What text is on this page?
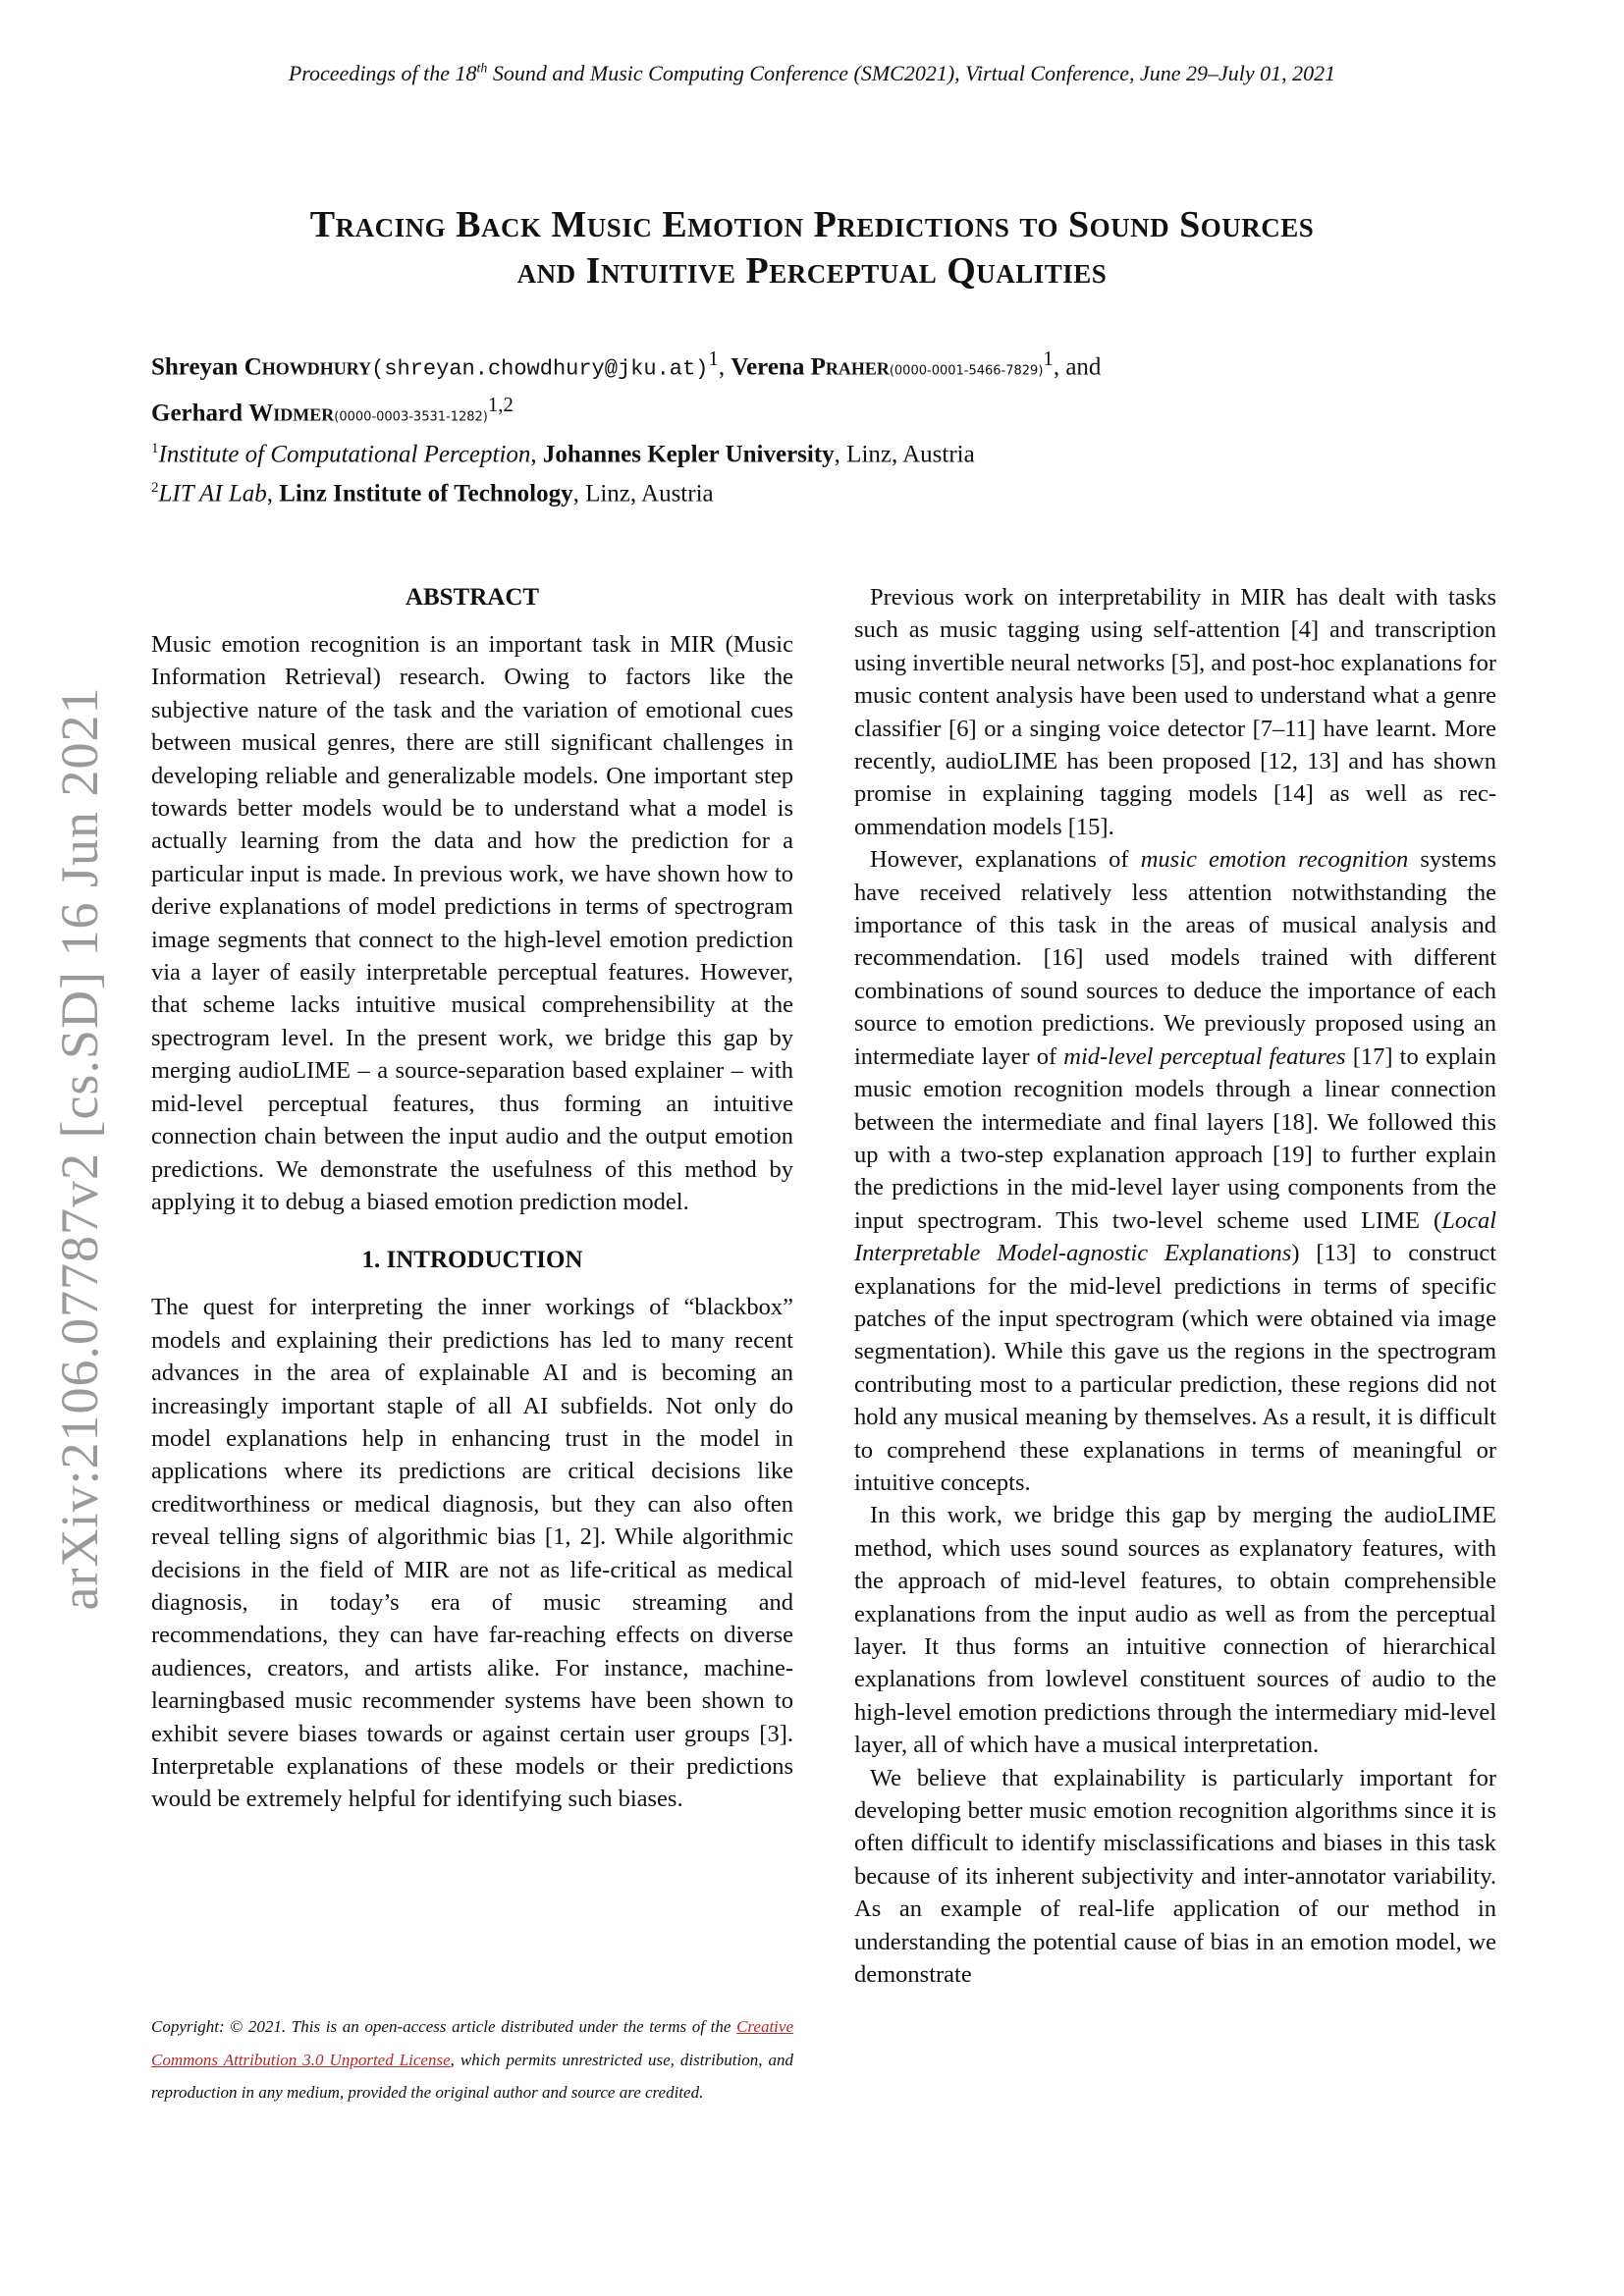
Proceedings of the 18th Sound and Music Computing Conference (SMC2021), Virtual Conference, June 29–July 01, 2021
Tracing Back Music Emotion Predictions to Sound Sources
and Intuitive Perceptual Qualities
Shreyan Chowdhury(shreyan.chowdhury@jku.at)$^1$, Verena $Praher(0000-0001-5466-7829)^1$, and
Gerhard $Widmer(0000-0003-3531-1282)^{1,2}$
$^1$Institute of Computational Perception, Johannes Kepler University, Linz, Austria
$^2$LIT AI Lab, Linz Institute of Technology, Linz, Austria
ABSTRACT

Music emotion recognition is an important task in MIR (Music Information Retrieval) research. Owing to factors like the subjective nature of the task and the variation of emotional cues between musical genres, there are still significant challenges in developing reliable and generalizable models. One important step towards better models would be to understand what a model is actually learning from the data and how the prediction for a particular input is made. In previous work, we have shown how to derive explanations of model predictions in terms of spectrogram image segments that connect to the high-level emotion prediction via a layer of easily interpretable perceptual features. However, that scheme lacks intuitive musical comprehensibility at the spectrogram level. In the present work, we bridge this gap by merging audioLIME – a source-separation based explainer – with mid-level perceptual features, thus forming an intuitive connection chain between the input audio and the output emotion predictions. We demonstrate the usefulness of this method by applying it to debug a biased emotion prediction model.

1. INTRODUCTION

The quest for interpreting the inner workings of “blackbox” models and explaining their predictions has led to many recent advances in the area of explainable AI and is becoming an increasingly important staple of all AI subfields. Not only do model explanations help in enhancing trust in the model in applications where its predictions are critical decisions like creditworthiness or medical diagnosis, but they can also often reveal telling signs of algorithmic bias [1, 2]. While algorithmic decisions in the field of MIR are not as life-critical as medical diagnosis, in today’s era of music streaming and recommendations, they can have far-reaching effects on diverse audiences, creators, and artists alike. For instance, machine-learningbased music recommender systems have been shown to exhibit severe biases towards or against certain user groups [3]. Interpretable explanations of these models or their predictions would be extremely helpful for identifying such biases.

Copyright: © 2021. This is an open-access article distributed under the terms of the Creative Commons Attribution 3.0 Unported License, which permits unrestricted use, distribution, and reproduction in any medium, provided the original author and source are credited.

Previous work on interpretability in MIR has dealt with tasks such as music tagging using self-attention [4] and transcription using invertible neural networks [5], and post-hoc explanations for music content analysis have been used to understand what a genre classifier [6] or a singing voice detector [7–11] have learnt. More recently, audioLIME has been proposed [12, 13] and has shown promise in explaining tagging models [14] as well as recommendation models [15].

However, explanations of music emotion recognition systems have received relatively less attention notwithstanding the importance of this task in the areas of musical analysis and recommendation. [16] used models trained with different combinations of sound sources to deduce the importance of each source to emotion predictions. We previously proposed using an intermediate layer of mid-level perceptual features [17] to explain music emotion recognition models through a linear connection between the intermediate and final layers [18]. We followed this up with a two-step explanation approach [19] to further explain the predictions in the mid-level layer using components from the input spectrogram. This two-level scheme used LIME (Local Interpretable Model-agnostic Explanations) [13] to construct explanations for the mid-level predictions in terms of specific patches of the input spectrogram (which were obtained via image segmentation). While this gave us the regions in the spectrogram contributing most to a particular prediction, these regions did not hold any musical meaning by themselves. As a result, it is difficult to comprehend these explanations in terms of meaningful or intuitive concepts.

In this work, we bridge this gap by merging the audioLIME method, which uses sound sources as explanatory features, with the approach of mid-level features, to obtain comprehensible explanations from the input audio as well as from the perceptual layer. It thus forms an intuitive connection of hierarchical explanations from lowlevel constituent sources of audio to the high-level emotion predictions through the intermediary mid-level layer, all of which have a musical interpretation.

We believe that explainability is particularly important for developing better music emotion recognition algorithms since it is often difficult to identify misclassifications and biases in this task because of its inherent subjectivity and inter-annotator variability. As an example of real-life application of our method in understanding the potential cause of bias in an emotion model, we demonstrate

arXiv:2106.07787v2 [cs.SD] 16 Jun 2021
